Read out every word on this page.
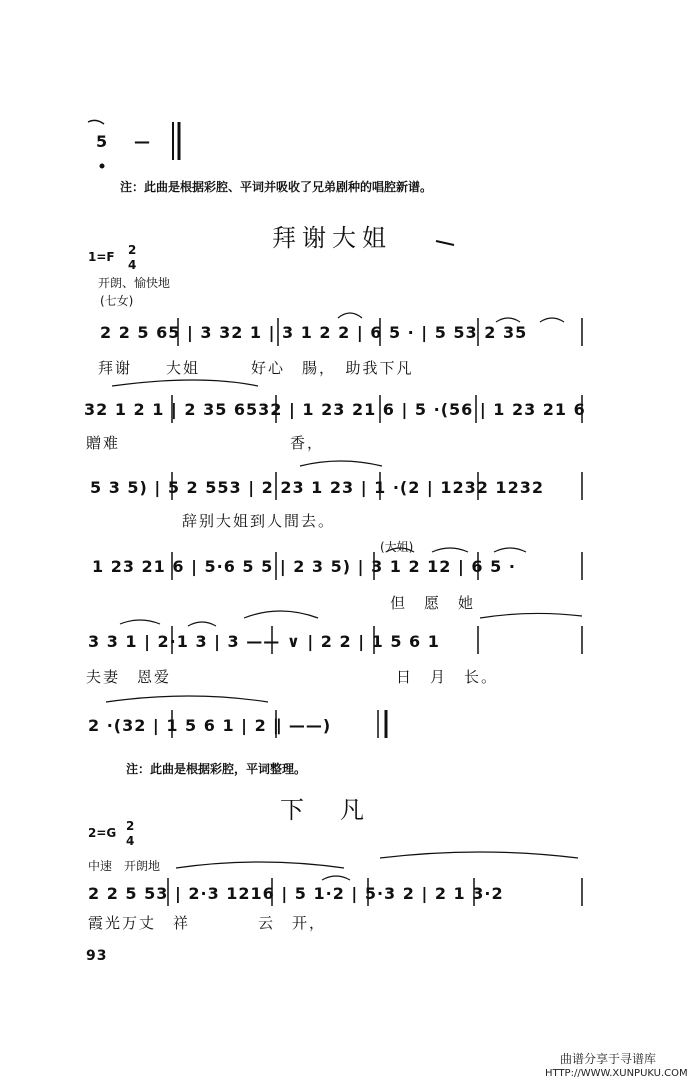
5 —
注：此曲是根据彩腔、平词并吸收了兄弟剧种的唱腔新谱。
拜谢大姐
1=F 2
4
开朗、愉快地
(七女)
2 2 5 65 | 3 32 1 | 3 1 2 2 | 6 5 · | 5 53 2 35
拜谢　　大姐　　　好心　腸，　助我下凡
32 1 2 1 | 2 35 6532 | 1 23 21 6 | 5 ·(56 | 1 23 21 6
贈难　　　　　　　　　　香，
5 3 5) | 5 2 553 | 2 23 1 23 | 1 ·(2 | 1232 1232
辞别大姐到人間去。
(大姐)
1 23 21 6 | 5·6 5 5 | 2 3 5) | 3 1 2 12 | 6 5 ·
但　愿　她
3 3 1 | 2·1 3 | 3 —— ∨ | 2 2 | 1 5 6 1
夫妻　恩爱	日　月　长。
2 ·(32 | 1 5 6 1 | 2 ∥ ——)
注：此曲是根据彩腔，平词整理。
下　凡
2=G 2
4
中速　开朗地
2 2 5 53 | 2·3 1216 | 5 1·2 | 5·3 2 | 2 1 3·2
霞光万丈　祥　　　　云　开，
93
曲谱分享于寻谱库
HTTP://WWW.XUNPUKU.COM
